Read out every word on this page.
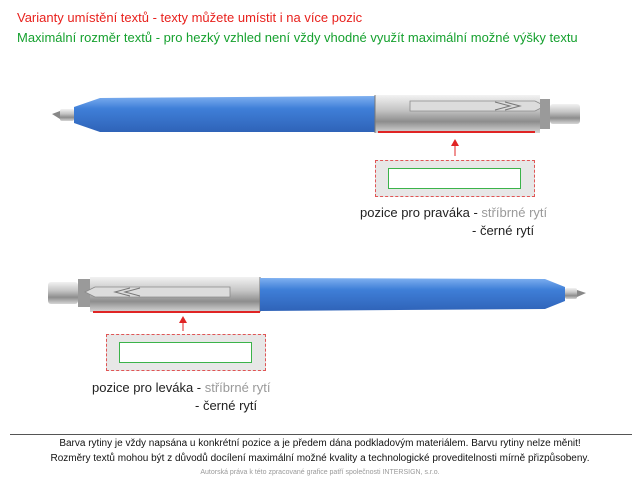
Varianty umístění textů - texty můžete umístit i na více pozic
Maximální rozměr textů - pro hezký vzhled není vždy vhodné využít maximální možné výšky textu
pozice pro praváka - stříbrné rytí
- černé rytí
pozice pro leváka - stříbrné rytí
- černé rytí
Barva rytiny je vždy napsána u konkrétní pozice a je předem dána podkladovým materiálem. Barvu rytiny nelze měnit!
Rozměry textů mohou být z důvodů docílení maximální možné kvality a technologické proveditelnosti mírně přizpůsobeny.
Autorská práva k této zpracované grafice patří společnosti INTERSIGN, s.r.o.
